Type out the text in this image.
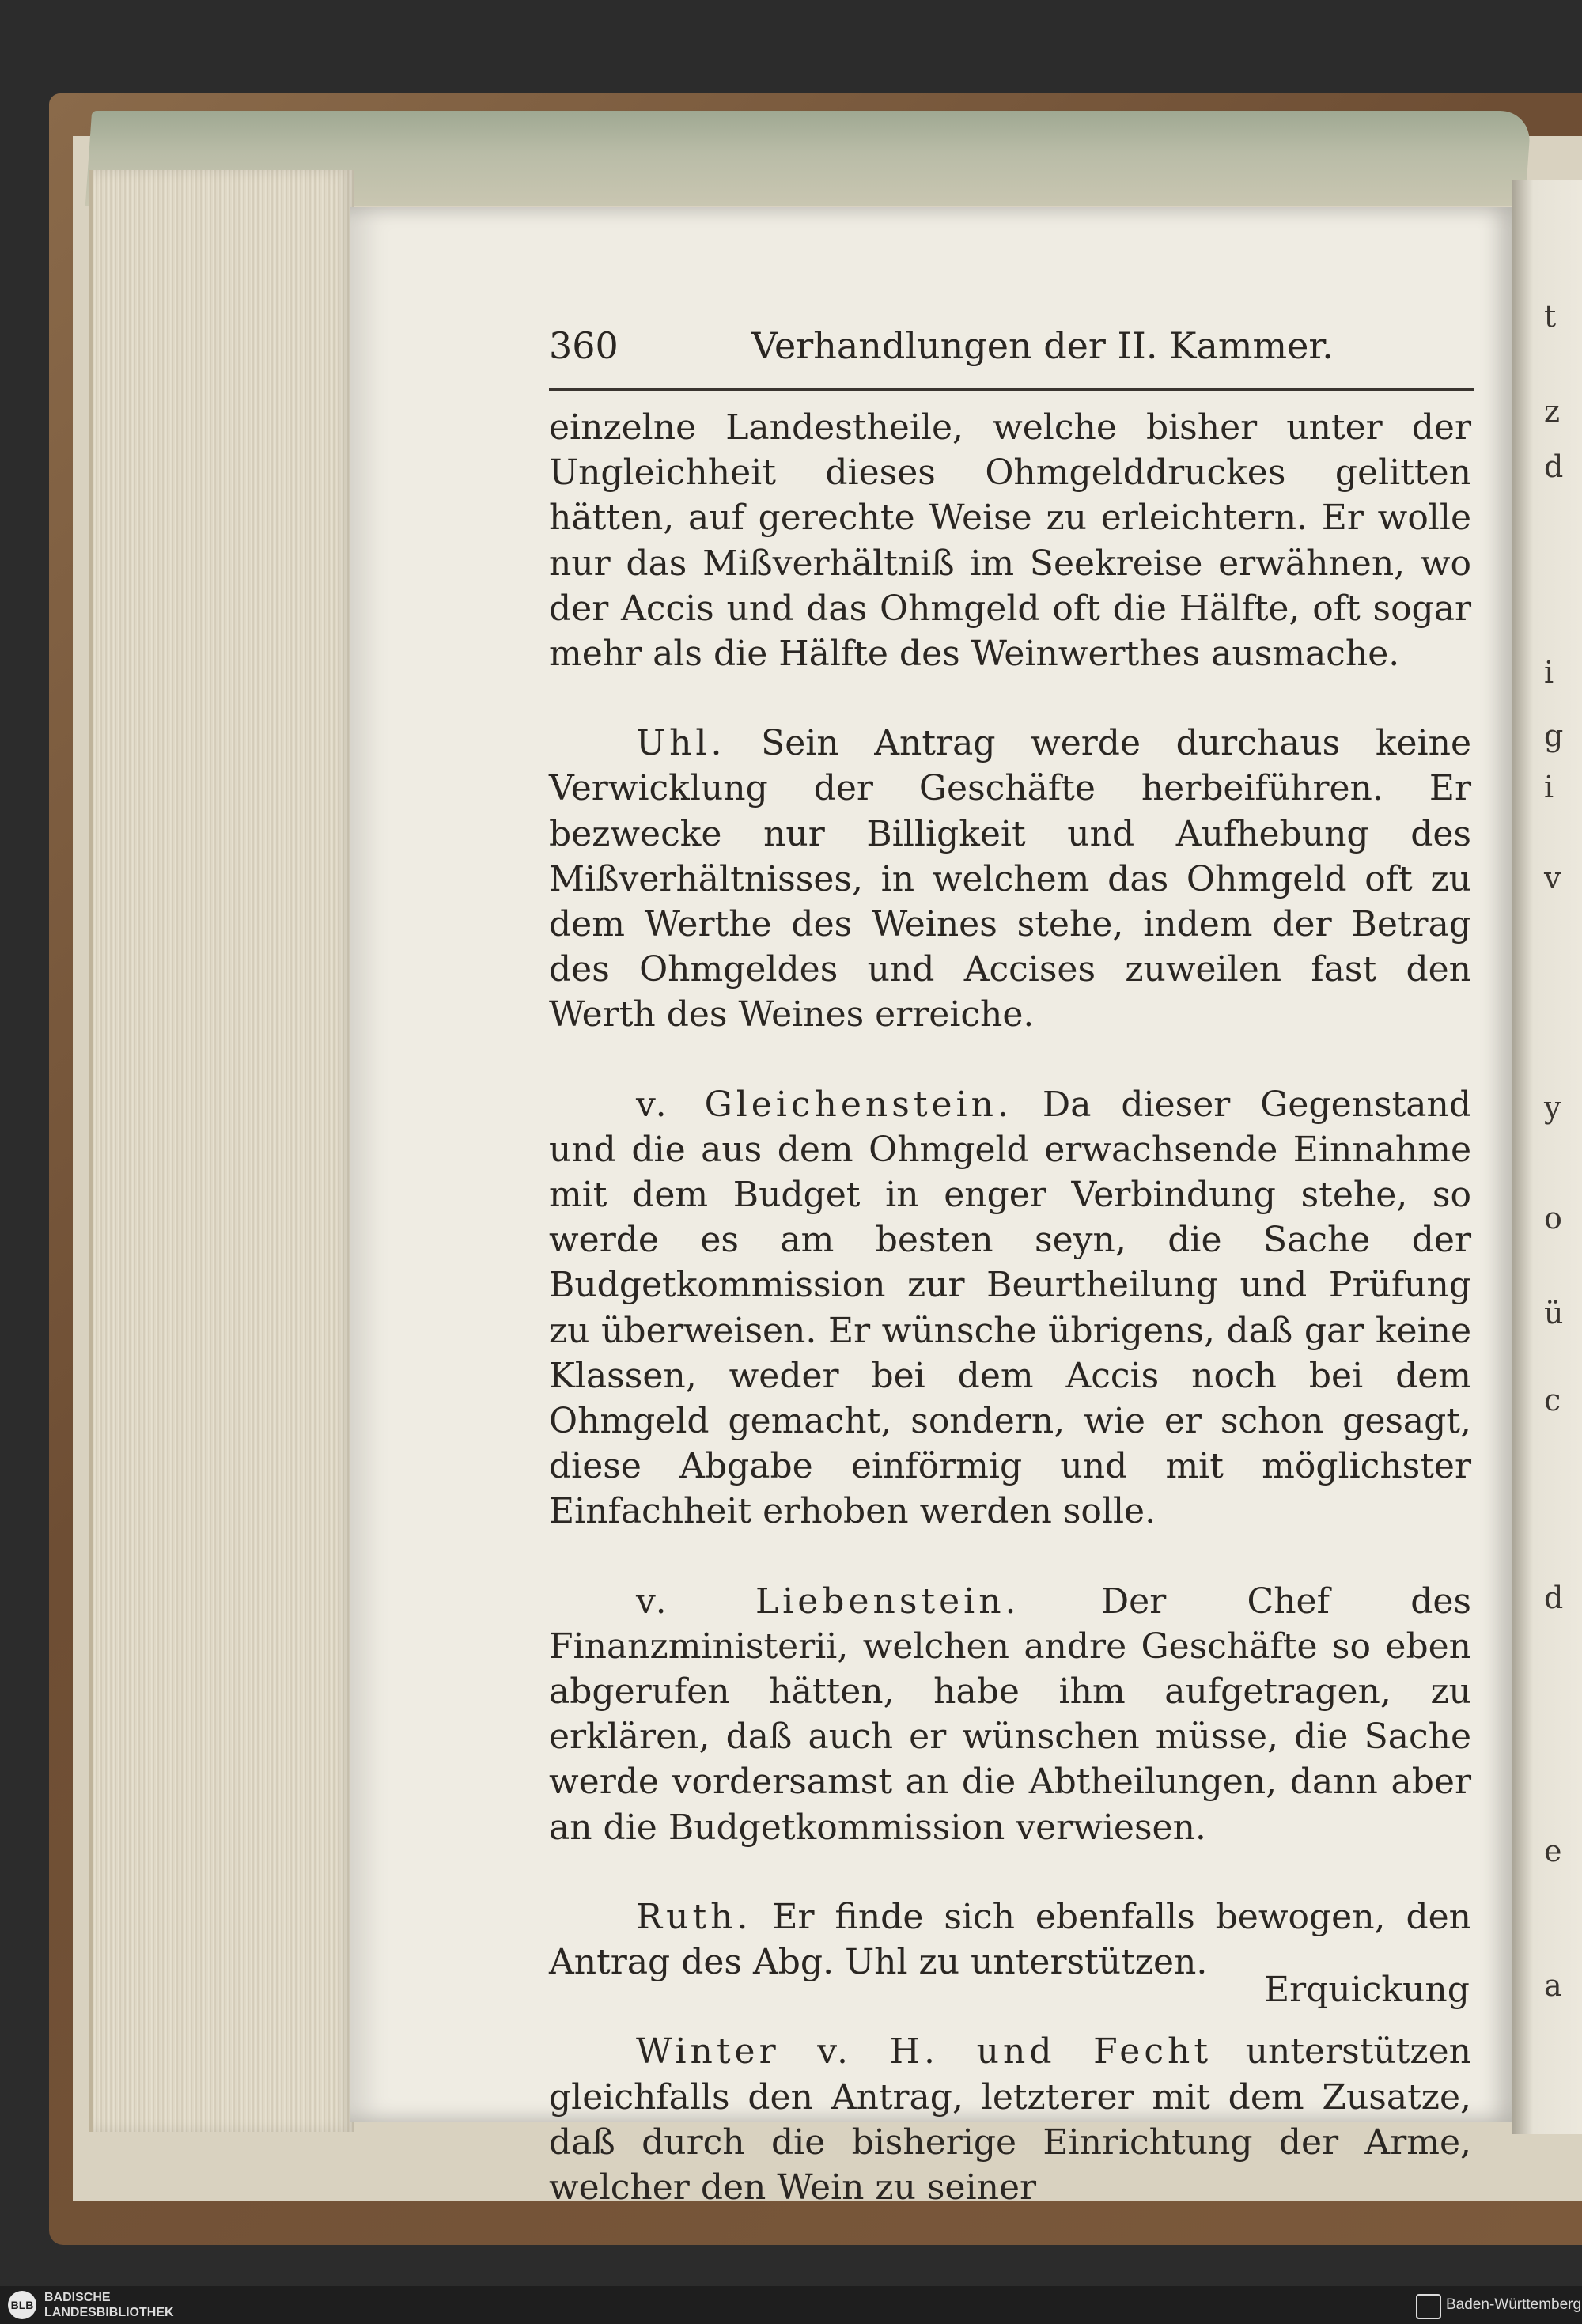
t
z
d
i
g
i
v
y
o
ü
c
d
e
a
360	Verhandlungen der II. Kammer.

einzelne Landestheile, welche bisher unter der Ungleichheit dieses Ohmgelddruckes gelitten hätten, auf gerechte Weise zu erleichtern. Er wolle nur das Mißverhältniß im Seekreise erwähnen, wo der Accis und das Ohmgeld oft die Hälfte, oft sogar mehr als die Hälfte des Weinwerthes ausmache.

Uhl. Sein Antrag werde durchaus keine Verwicklung der Geschäfte herbeiführen. Er bezwecke nur Billigkeit und Aufhebung des Mißverhältnisses, in welchem das Ohmgeld oft zu dem Werthe des Weines stehe, indem der Betrag des Ohmgeldes und Accises zuweilen fast den Werth des Weines erreiche.

v. Gleichenstein. Da dieser Gegenstand und die aus dem Ohmgeld erwachsende Einnahme mit dem Budget in enger Verbindung stehe, so werde es am besten seyn, die Sache der Budgetkommission zur Beurtheilung und Prüfung zu überweisen. Er wünsche übrigens, daß gar keine Klassen, weder bei dem Accis noch bei dem Ohmgeld gemacht, sondern, wie er schon gesagt, diese Abgabe einförmig und mit möglichster Einfachheit erhoben werden solle.

v. Liebenstein. Der Chef des Finanzministerii, welchen andre Geschäfte so eben abgerufen hätten, habe ihm aufgetragen, zu erklären, daß auch er wünschen müsse, die Sache werde vordersamst an die Abtheilungen, dann aber an die Budgetkommission verwiesen.

Ruth. Er finde sich ebenfalls bewogen, den Antrag des Abg. Uhl zu unterstützen.

Winter v. H. und Fecht unterstützen gleichfalls den Antrag, letzterer mit dem Zusatze, daß durch die bisherige Einrichtung der Arme, welcher den Wein zu seiner

Erquickung
BLB
BADISCHE
LANDESBIBLIOTHEK	Baden-Württemberg
